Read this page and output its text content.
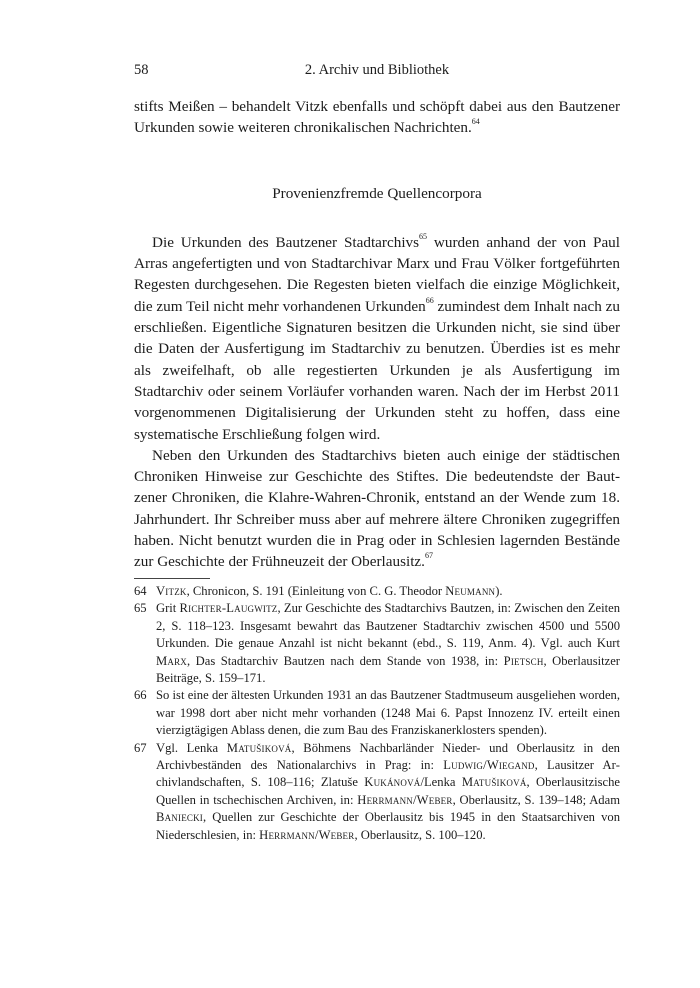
58	2. Archiv und Bibliothek

stifts Meißen – behandelt Vitzk ebenfalls und schöpft dabei aus den Bautzener Urkunden sowie weiteren chronikalischen Nachrichten.$^{64}$

Provenienzfremde Quellencorpora

Die Urkunden des Bautzener Stadtarchivs$^{65}$ wurden anhand der von Paul Arras angefertigten und von Stadtarchivar Marx und Frau Völker fortgeführten Regesten durchgesehen. Die Regesten bieten vielfach die einzige Möglichkeit, die zum Teil nicht mehr vorhandenen Urkunden$^{66}$ zumindest dem Inhalt nach zu erschließen. Eigentliche Signaturen besitzen die Urkunden nicht, sie sind über die Daten der Ausfertigung im Stadtarchiv zu benutzen. Überdies ist es mehr als zweifelhaft, ob alle regestierten Urkunden je als Ausfertigung im Stadtarchiv oder seinem Vorläufer vorhanden waren. Nach der im Herbst 2011 vorgenommenen Digitalisierung der Urkunden steht zu hoffen, dass eine systematische Erschließung folgen wird.

Neben den Urkunden des Stadtarchivs bieten auch einige der städtischen Chroniken Hinweise zur Geschichte des Stiftes. Die bedeutendste der Bautzener Chroniken, die Klahre-Wahren-Chronik, entstand an der Wende zum 18. Jahrhundert. Ihr Schreiber muss aber auf mehrere ältere Chroniken zugegriffen haben. Nicht benutzt wurden die in Prag oder in Schlesien lagernden Bestände zur Geschichte der Frühneuzeit der Oberlausitz.$^{67}$

64 Vitzk, Chronicon, S. 191 (Einleitung von C. G. Theodor Neumann).
65 Grit Richter-Laugwitz, Zur Geschichte des Stadtarchivs Bautzen, in: Zwischen den Zeiten 2, S. 118–123. Insgesamt bewahrt das Bautzener Stadtarchiv zwischen 4500 und 5500 Urkunden. Die genaue Anzahl ist nicht bekannt (ebd., S. 119, Anm. 4). Vgl. auch Kurt Marx, Das Stadtarchiv Bautzen nach dem Stande von 1938, in: Pietsch, Oberlausitzer Beiträge, S. 159–171.
66 So ist eine der ältesten Urkunden 1931 an das Bautzener Stadtmuseum ausgeliehen worden, war 1998 dort aber nicht mehr vorhanden (1248 Mai 6. Papst Innozenz IV. erteilt einen vierzigtägigen Ablass denen, die zum Bau des Franziskanerklosters spenden).
67 Vgl. Lenka Matušiková, Böhmens Nachbarländer Nieder- und Oberlausitz in den Archivbeständen des Nationalarchivs in Prag: in: Ludwig/Wiegand, Lausitzer Archivlandschaften, S. 108–116; Zlatuše Kukánová/Lenka Matušiková, Oberlausitzische Quellen in tschechischen Archiven, in: Herrmann/Weber, Oberlausitz, S. 139–148; Adam Baniecki, Quellen zur Geschichte der Oberlausitz bis 1945 in den Staatsarchiven von Niederschlesien, in: Herrmann/Weber, Oberlausitz, S. 100–120.
